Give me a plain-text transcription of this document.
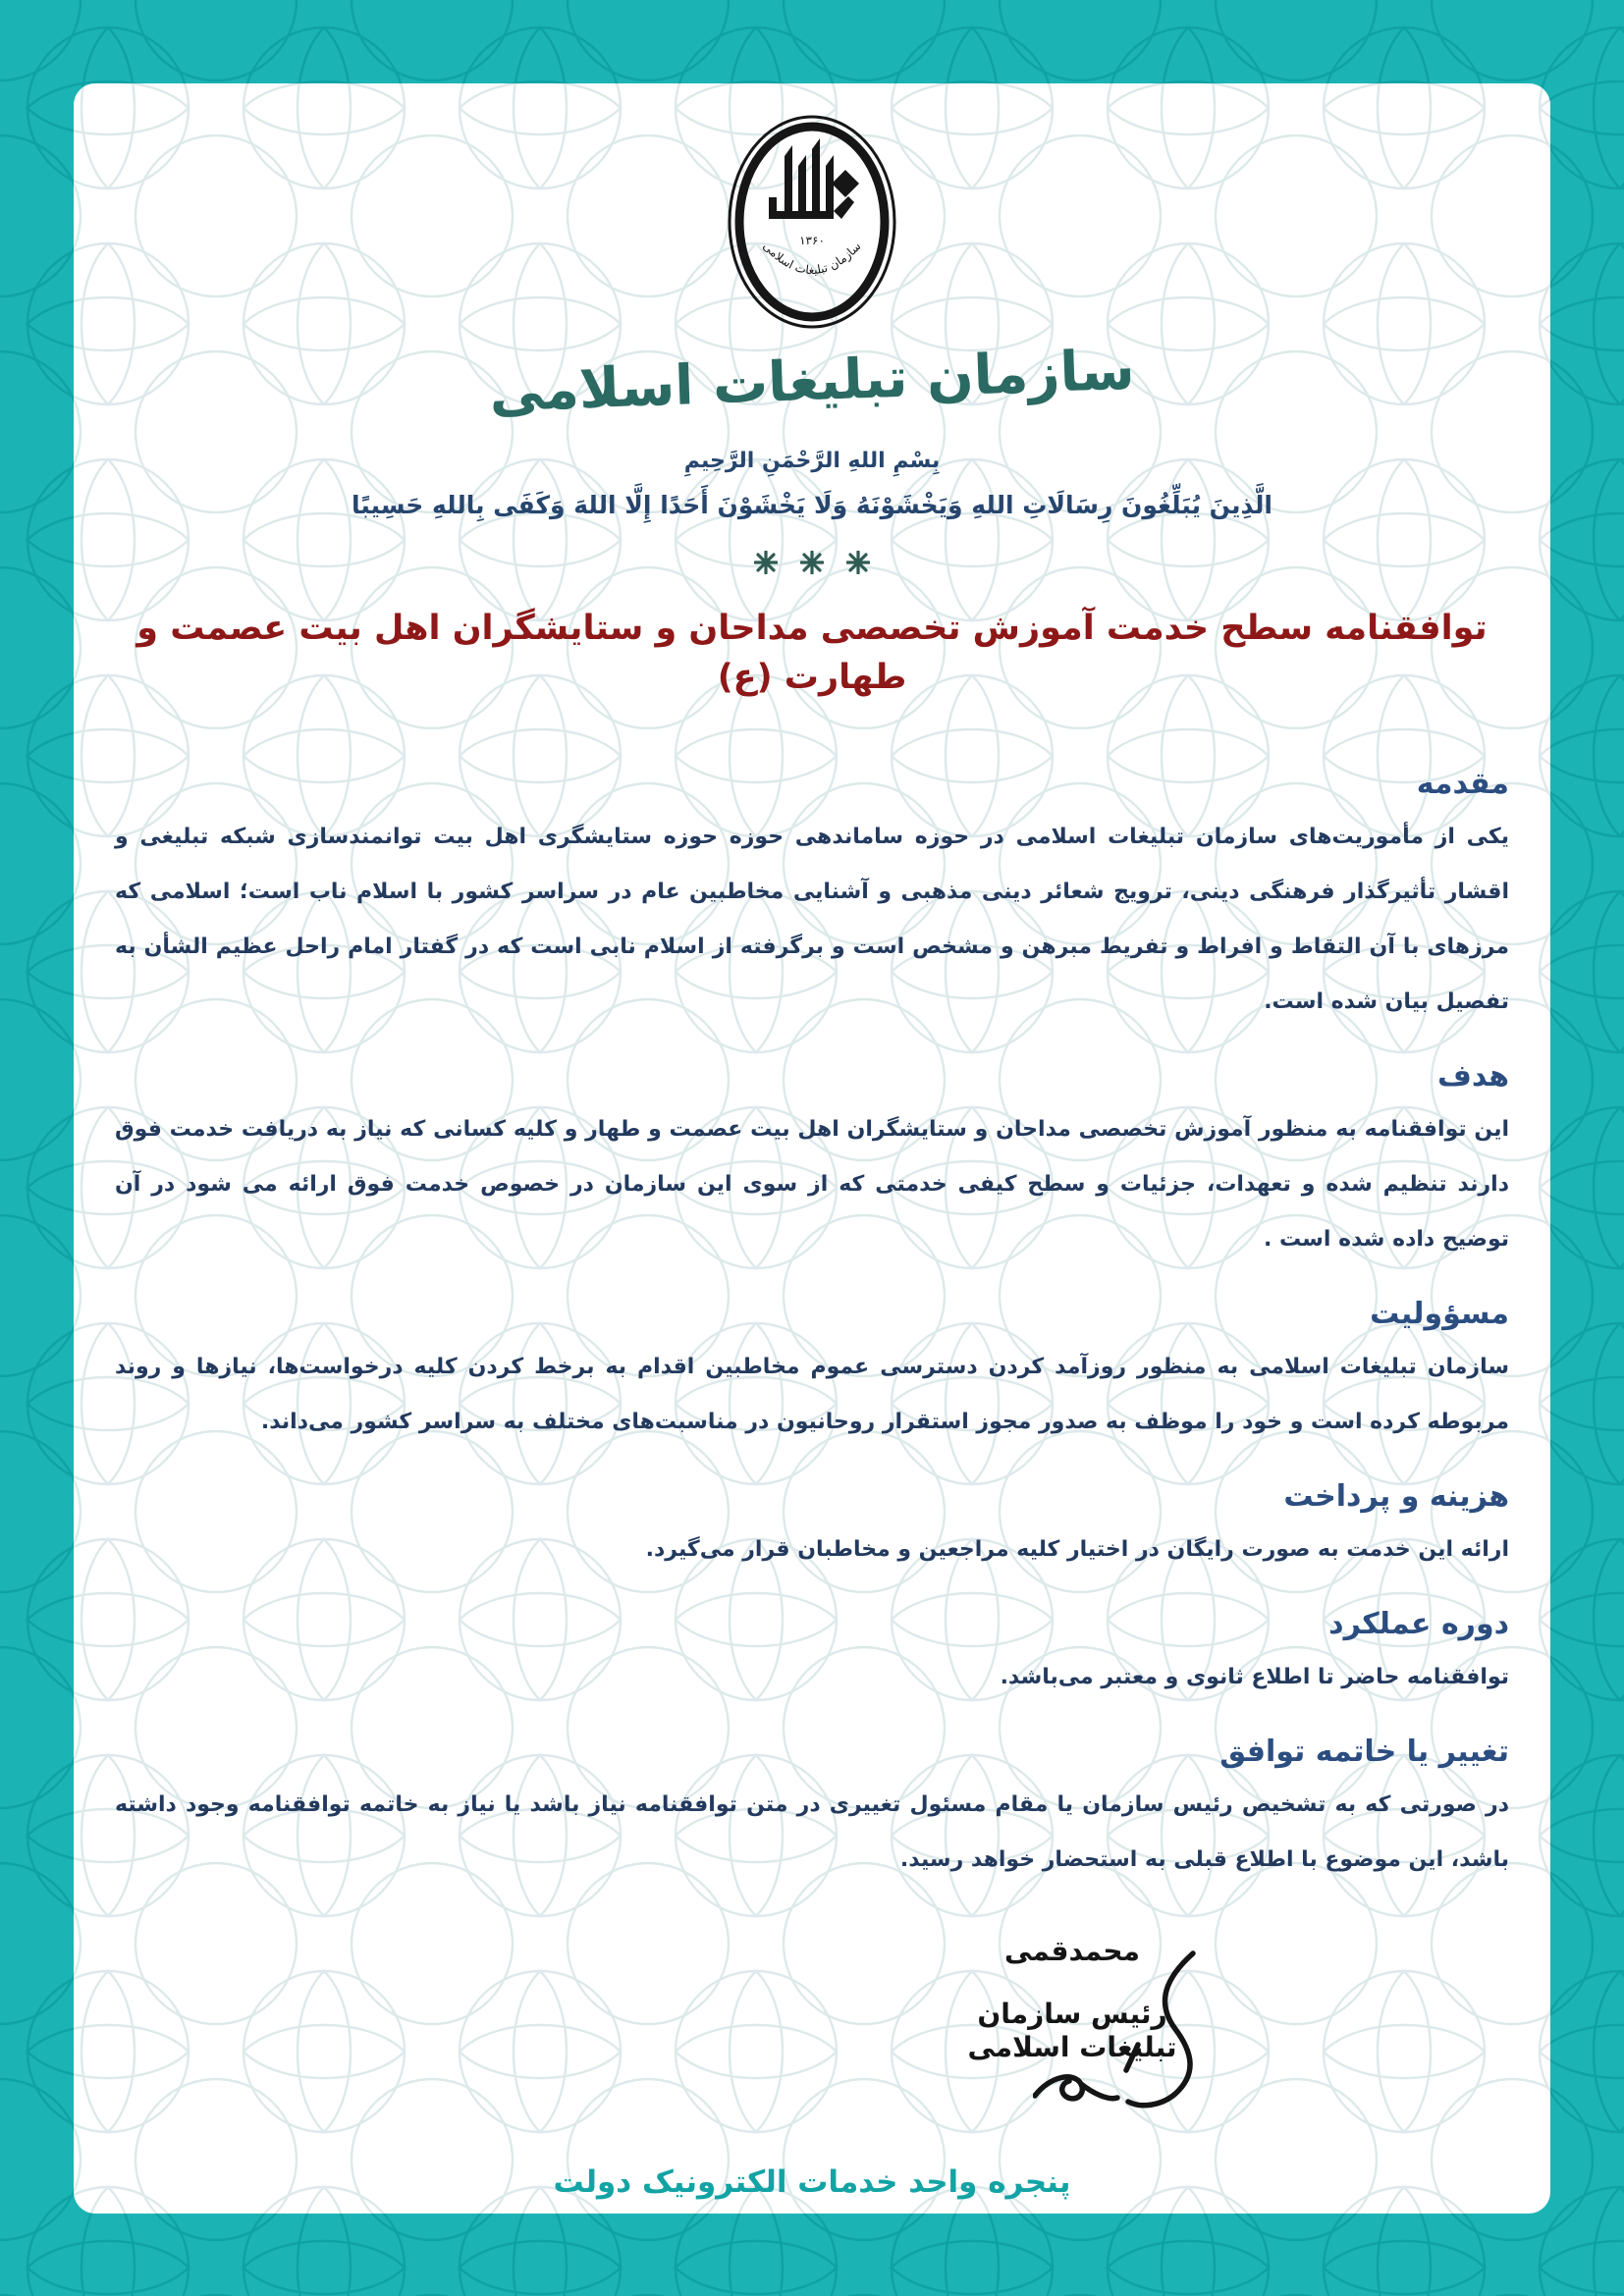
۱۳۶۰
سازمان تبلیغات اسلامی
سازمان تبلیغات اسلامی
بِسْمِ اللهِ الرَّحْمَنِ الرَّحِيمِ
الَّذِينَ يُبَلِّغُونَ رِسَالَاتِ اللهِ وَيَخْشَوْنَهُ وَلَا يَخْشَوْنَ أَحَدًا إِلَّا اللهَ وَكَفَى بِاللهِ حَسِيبًا

توافقنامه سطح خدمت آموزش تخصصی مداحان و ستایشگران اهل بیت عصمت و طهارت (ع)
مقدمه
یکی از مأموریت‌های سازمان تبلیغات اسلامی در حوزه ساماندهی حوزه حوزه ستایشگری اهل بیت توانمندسازی شبکه تبلیغی و اقشار تأثیرگذار فرهنگی دینی، ترویج شعائر دینی مذهبی و آشنایی مخاطبین عام در سراسر کشور با اسلام ناب است؛ اسلامی که مرزهای با آن التقاط و افراط و تفریط مبرهن و مشخص است و برگرفته از اسلام نابی است که در گفتار امام راحل عظیم الشأن به تفصیل بیان شده است.
هدف
این توافقنامه به منظور آموزش تخصصی مداحان و ستایشگران اهل بیت عصمت و طهار و کلیه کسانی که نیاز به دریافت خدمت فوق دارند تنظیم شده و تعهدات، جزئیات و سطح کیفی خدمتی که از سوی این سازمان در خصوص خدمت فوق ارائه می شود در آن توضیح داده شده است .
مسؤولیت
سازمان تبلیغات اسلامی به منظور روزآمد کردن دسترسی عموم مخاطبین اقدام به برخط کردن کلیه درخواست‌ها، نیازها و روند مربوطه کرده است و خود را موظف به صدور مجوز استقرار روحانیون در مناسبت‌های مختلف به سراسر کشور می‌داند.
هزینه و پرداخت
ارائه این خدمت به صورت رایگان در اختیار کلیه مراجعین و مخاطبان قرار می‌گیرد.
دوره عملکرد
توافقنامه حاضر تا اطلاع ثانوی و معتبر می‌باشد.
تغییر یا خاتمه توافق
در صورتی که به تشخیص رئیس سازمان یا مقام مسئول تغییری در متن توافقنامه نیاز باشد یا نیاز به خاتمه توافقنامه وجود داشته باشد، این موضوع با اطلاع قبلی به استحضار خواهد رسید.
محمدقمی
رئیس سازمان تبلیغات اسلامی
پنجره واحد خدمات الکترونیک دولت
